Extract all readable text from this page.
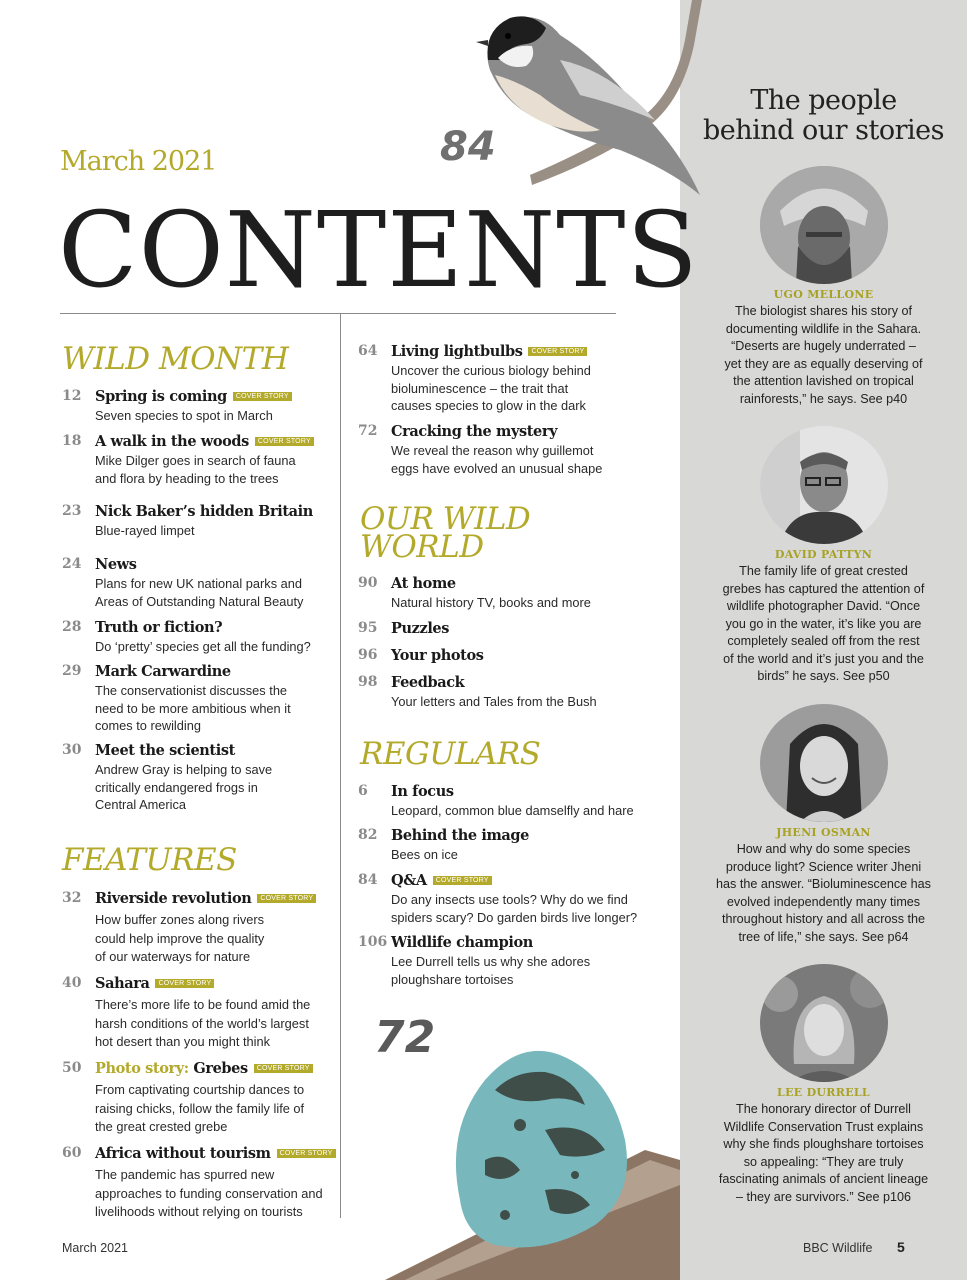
The people
behind our stories
UGO MELLONE
The biologist shares his story of
documenting wildlife in the Sahara.
“Deserts are hugely underrated –
yet they are as equally deserving of
the attention lavished on tropical
rainforests,” he says. See p40
DAVID PATTYN
The family life of great crested
grebes has captured the attention of
wildlife photographer David. “Once
you go in the water, it’s like you are
completely sealed off from the rest
of the world and it’s just you and the
birds” he says. See p50
JHENI OSMAN
How and why do some species
produce light? Science writer Jheni
has the answer. “Bioluminescence has
evolved independently many times
throughout history and all across the
tree of life,” she says. See p64
LEE DURRELL
The honorary director of Durrell
Wildlife Conservation Trust explains
why she finds ploughshare tortoises
so appealing: “They are truly
fascinating animals of ancient lineage
– they are survivors.” See p106
84
March 2021
CONTENTS
WILD MONTH
12 Spring is coming COVER STORY
Seven species to spot in March
18 A walk in the woods COVER STORY
Mike Dilger goes in search of fauna
and flora by heading to the trees
23 Nick Baker’s hidden Britain
Blue-rayed limpet
24 News
Plans for new UK national parks and
Areas of Outstanding Natural Beauty
28 Truth or fiction?
Do ‘pretty’ species get all the funding?
29 Mark Carwardine
The conservationist discusses the
need to be more ambitious when it
comes to rewilding
30 Meet the scientist
Andrew Gray is helping to save
critically endangered frogs in
Central America
FEATURES
32 Riverside revolution COVER STORY
How buffer zones along rivers
could help improve the quality
of our waterways for nature
40 Sahara COVER STORY
There’s more life to be found amid the
harsh conditions of the world’s largest
hot desert than you might think
50 Photo story: Grebes COVER STORY
From captivating courtship dances to
raising chicks, follow the family life of
the great crested grebe
60 Africa without tourism COVER STORY
The pandemic has spurred new
approaches to funding conservation and
livelihoods without relying on tourists
64 Living lightbulbs COVER STORY
Uncover the curious biology behind
bioluminescence – the trait that
causes species to glow in the dark
72 Cracking the mystery
We reveal the reason why guillemot
eggs have evolved an unusual shape
OUR WILD
WORLD
90 At home
Natural history TV, books and more
95 Puzzles
96 Your photos
98 Feedback
Your letters and Tales from the Bush
REGULARS
6 In focus
Leopard, common blue damselfly and hare
82 Behind the image
Bees on ice
84 Q&A COVER STORY
Do any insects use tools? Why do we find
spiders scary? Do garden birds live longer?
106 Wildlife champion
Lee Durrell tells us why she adores
ploughshare tortoises
72
March 2021	BBC Wildlife 5
